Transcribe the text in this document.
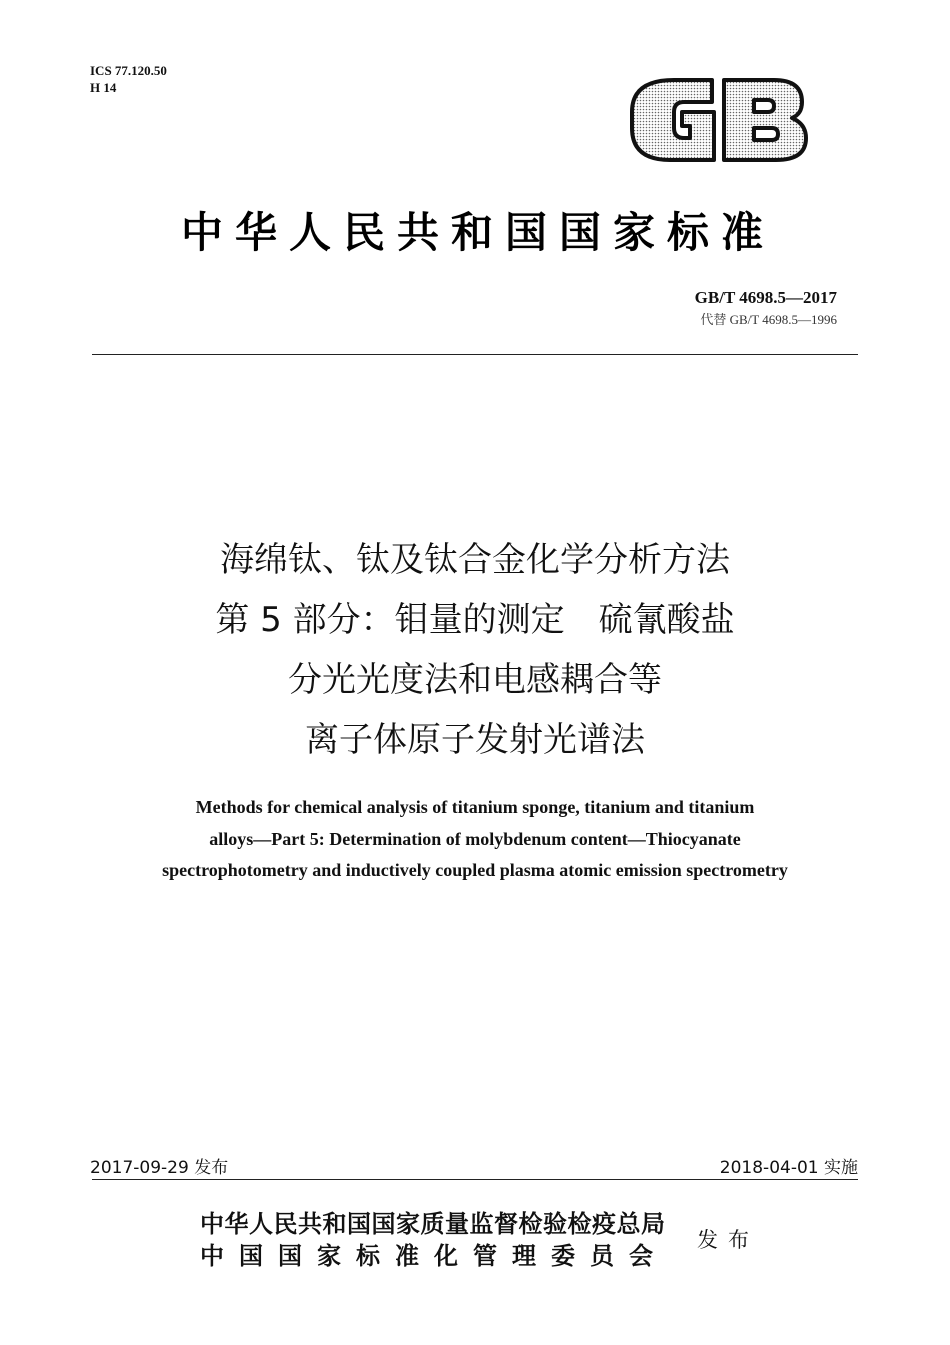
ICS 77.120.50
H 14
中华人民共和国国家标准
GB/T 4698.5—2017
代替 GB/T 4698.5—1996
海绵钛、钛及钛合金化学分析方法
第 5 部分：钼量的测定　硫氰酸盐
分光光度法和电感耦合等
离子体原子发射光谱法
Methods for chemical analysis of titanium sponge, titanium and titanium
alloys—Part 5: Determination of molybdenum content—Thiocyanate
spectrophotometry and inductively coupled plasma atomic emission spectrometry
2017-09-29 发布	2018-04-01 实施
中华人民共和国国家质量监督检验检疫总局
中国国家标准化管理委员会
发布
